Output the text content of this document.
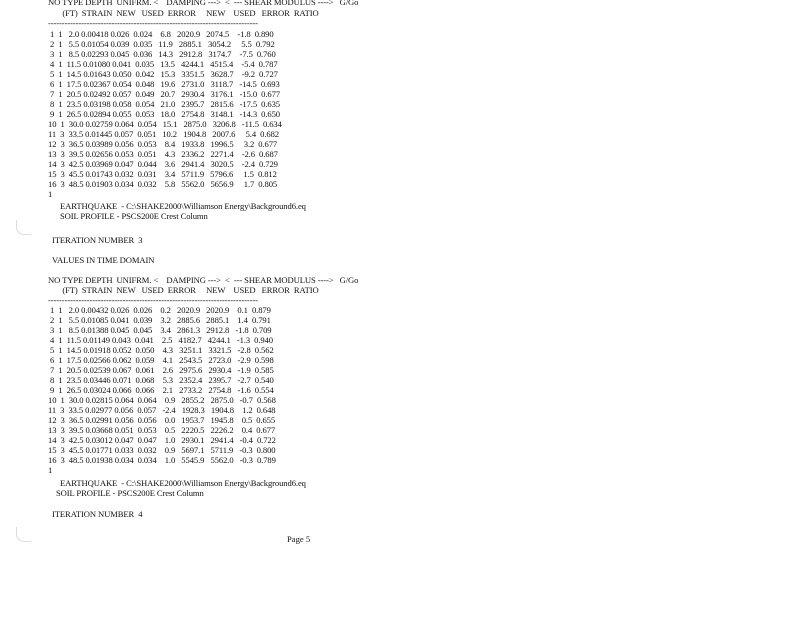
NO TYPE DEPTH  UNIFRM. <    DAMPING --->  <  --- SHEAR MODULUS ---->   G/Go
(FT)  STRAIN  NEW   USED  ERROR     NEW    USED   ERROR  RATIO
----------------------------------------------------------------------------
1  1   2.0 0.00418 0.026  0.024    6.8   2020.9   2074.5    -1.8  0.890
2  1   5.5 0.01054 0.039  0.035   11.9   2885.1   3054.2     5.5  0.792
3  1   8.5 0.02293 0.045  0.036   14.3   2912.8   3174.7    -7.5  0.760
4  1  11.5 0.01080 0.041  0.035   13.5   4244.1   4515.4    -5.4  0.787
5  1  14.5 0.01643 0.050  0.042   15.3   3351.5   3628.7    -9.2  0.727
6  1  17.5 0.02367 0.054  0.048   19.6   2731.0   3118.7   -14.5  0.693
7  1  20.5 0.02492 0.057  0.049   20.7   2930.4   3176.1   -15.0  0.677
8  1  23.5 0.03198 0.058  0.054   21.0   2395.7   2815.6   -17.5  0.635
9  1  26.5 0.02894 0.055  0.053   18.0   2754.8   3148.1   -14.3  0.650
10  1  30.0 0.02759 0.064  0.054   15.1   2875.0   3206.8   -11.5  0.634
11  3  33.5 0.01445 0.057  0.051   10.2   1904.8   2007.6     5.4  0.682
12  3  36.5 0.03989 0.056  0.053    8.4   1933.8   1996.5     3.2  0.677
13  3  39.5 0.02656 0.053  0.051    4.3   2336.2   2271.4    -2.6  0.687
14  3  42.5 0.03969 0.047  0.044    3.6   2941.4   3020.5    -2.4  0.729
15  3  45.5 0.01743 0.032  0.031    3.4   5711.9   5796.6     1.5  0.812
16  3  48.5 0.01903 0.034  0.032    5.8   5562.0   5656.9     1.7  0.805
1
EARTHQUAKE  - C:\SHAKE2000\Williamson Energy\Background6.eq
SOIL PROFILE - PSCS200E Crest Column
ITERATION NUMBER  3
VALUES IN TIME DOMAIN
NO TYPE DEPTH  UNIFRM. <    DAMPING --->  <  --- SHEAR MODULUS ---->   G/Go
(FT)  STRAIN  NEW   USED  ERROR     NEW    USED   ERROR  RATIO
----------------------------------------------------------------------------
1  1   2.0 0.00432 0.026  0.026    0.2   2020.9   2020.9    0.1  0.879
2  1   5.5 0.01085 0.041  0.039    3.2   2885.6   2885.1    1.4  0.791
3  1   8.5 0.01388 0.045  0.045    3.4   2861.3   2912.8   -1.8  0.709
4  1  11.5 0.01149 0.043  0.041    2.5   4182.7   4244.1   -1.3  0.940
5  1  14.5 0.01918 0.052  0.050    4.3   3251.1   3321.5   -2.8  0.562
6  1  17.5 0.02566 0.062  0.059    4.1   2543.5   2723.0   -2.9  0.598
7  1  20.5 0.02539 0.067  0.061    2.6   2975.6   2930.4   -1.9  0.585
8  1  23.5 0.03446 0.071  0.068    5.3   2352.4   2395.7   -2.7  0.540
9  1  26.5 0.03024 0.066  0.066    2.1   2733.2   2754.8   -1.6  0.554
10  1  30.0 0.02815 0.064  0.064    0.9   2855.2   2875.0   -0.7  0.568
11  3  33.5 0.02977 0.056  0.057   -2.4   1928.3   1904.8    1.2  0.648
12  3  36.5 0.02991 0.056  0.056    0.0   1953.7   1945.8    0.5  0.655
13  3  39.5 0.03668 0.051  0.053    0.5   2220.5   2226.2    0.4  0.677
14  3  42.5 0.03012 0.047  0.047    1.0   2930.1   2941.4   -0.4  0.722
15  3  45.5 0.01771 0.033  0.032    0.9   5697.1   5711.9   -0.3  0.800
16  3  48.5 0.01938 0.034  0.034    1.0   5545.9   5562.0   -0.3  0.789
1
EARTHQUAKE  - C:\SHAKE2000\Williamson Energy\Background6.eq
SOIL PROFILE - PSCS200E Crest Column
ITERATION NUMBER  4
Page 5
